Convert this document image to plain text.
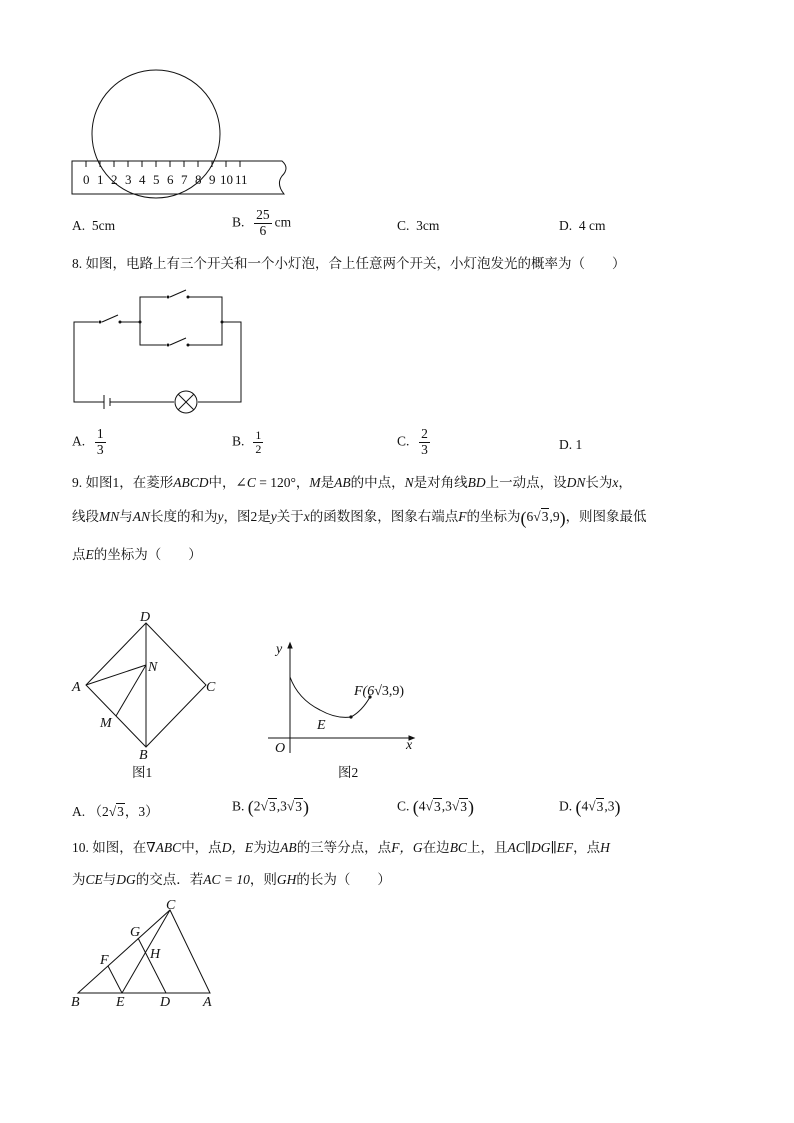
0 1 2 3 4 5 6 7 8 9 10 11
A. 5cm	B. $\frac{25}{6}$ cm	C. 3cm	D. 4 cm
8. 如图，电路上有三个开关和一个小灯泡，合上任意两个开关，小灯泡发光的概率为（　　）
A. $\frac{1}{3}$	B. $\frac{1}{2}$	C. $\frac{2}{3}$	D. 1
9. 如图1，在菱形ABCD中，∠C = 120°，M是AB的中点，N是对角线BD上一动点，设DN长为x，
线段MN与AN长度的和为y，图2是y关于x的函数图象，图象右端点F的坐标为(6√3,9)，则图象最低
点E的坐标为（　　）
D
A	C
B
N
M
图1
y
x
O
E
F(6√3,9)
图2
A. （2√3，3）	B. (2√3,3√3)	C. (4√3,3√3)	D. (4√3,3)
10. 如图，在∇ABC中，点D，E为边AB的三等分点，点F，G在边BC上，且AC∥DG∥EF，点H
为CE与DG的交点．若AC = 10，则GH的长为（　　）
C
G
H
F
B	E	D A
